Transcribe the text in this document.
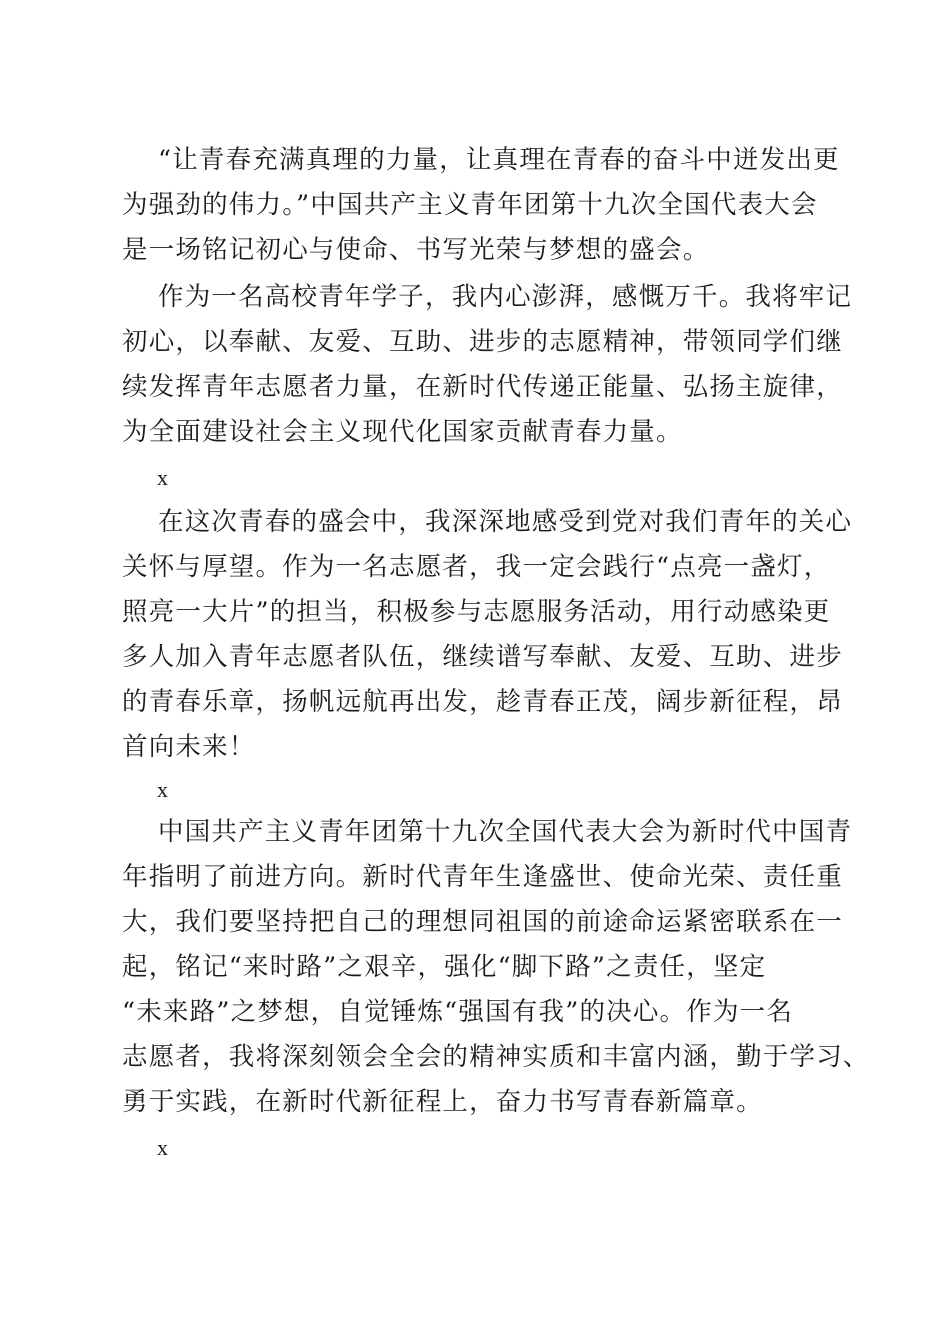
“让青春充满真理的力量，让真理在青春的奋斗中迸发出更
为强劲的伟力。”中国共产主义青年团第十九次全国代表大会
是一场铭记初心与使命、书写光荣与梦想的盛会。
作为一名高校青年学子，我内心澎湃，感慨万千。我将牢记
初心，以奉献、友爱、互助、进步的志愿精神，带领同学们继
续发挥青年志愿者力量，在新时代传递正能量、弘扬主旋律，
为全面建设社会主义现代化国家贡献青春力量。
x
在这次青春的盛会中，我深深地感受到党对我们青年的关心
关怀与厚望。作为一名志愿者，我一定会践行“点亮一盏灯，
照亮一大片”的担当，积极参与志愿服务活动，用行动感染更
多人加入青年志愿者队伍，继续谱写奉献、友爱、互助、进步
的青春乐章，扬帆远航再出发，趁青春正茂，阔步新征程，昂
首向未来！
x
中国共产主义青年团第十九次全国代表大会为新时代中国青
年指明了前进方向。新时代青年生逢盛世、使命光荣、责任重
大，我们要坚持把自己的理想同祖国的前途命运紧密联系在一
起，铭记“来时路”之艰辛，强化“脚下路”之责任，坚定
“未来路”之梦想，自觉锤炼“强国有我”的决心。作为一名
志愿者，我将深刻领会全会的精神实质和丰富内涵，勤于学习、
勇于实践，在新时代新征程上，奋力书写青春新篇章。
x
